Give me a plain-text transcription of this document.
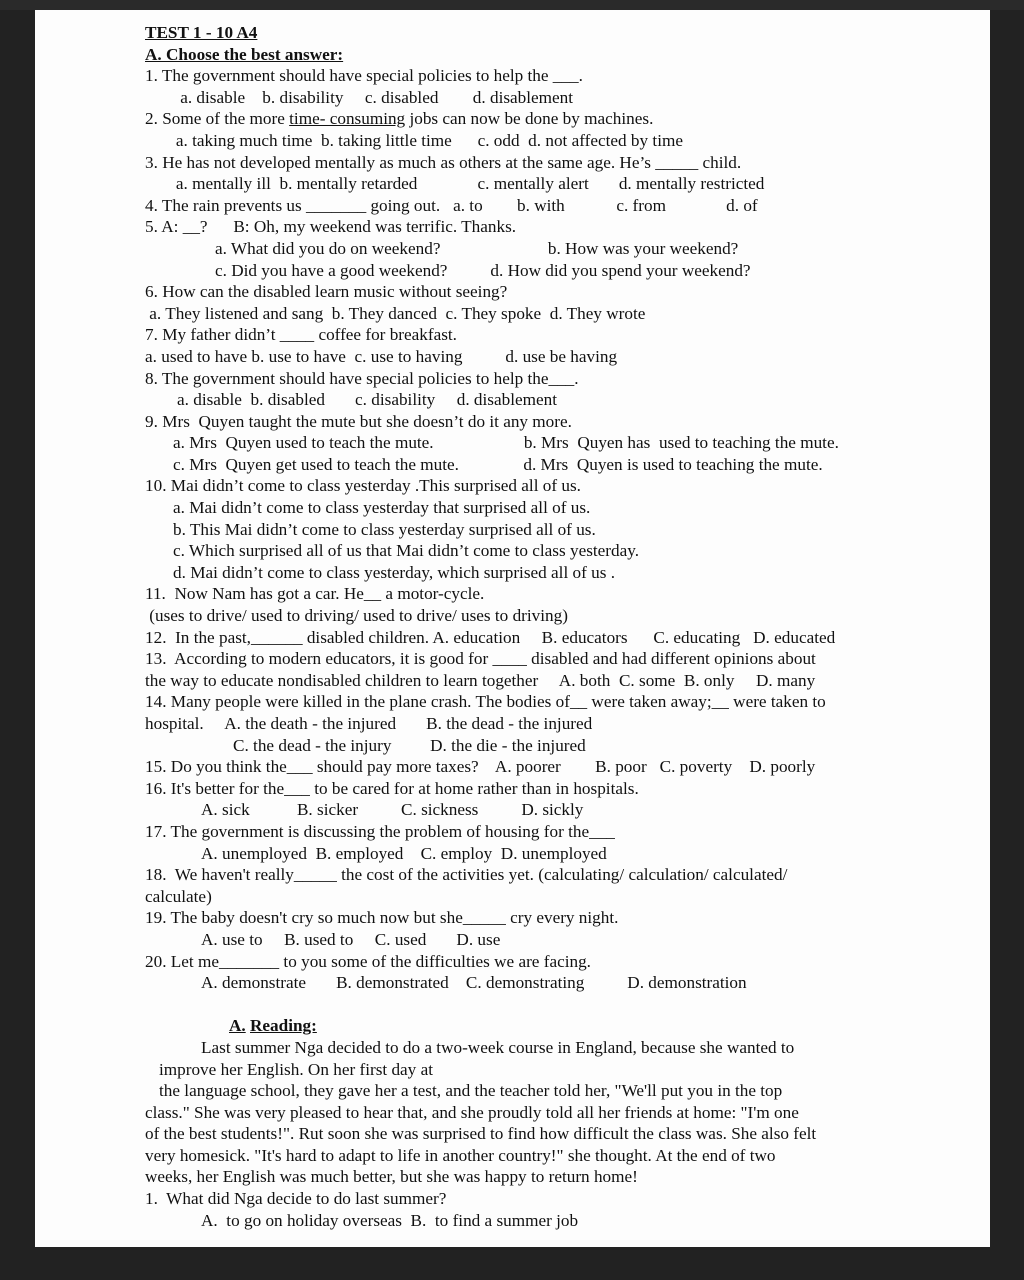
TEST 1 - 10 A4
A. Choose the best answer:
1. The government should have special policies to help the ___.
a. disable    b. disability     c. disabled        d. disablement
2. Some of the more time- consuming jobs can now be done by machines.
a. taking much time  b. taking little time      c. odd  d. not affected by time
3. He has not developed mentally as much as others at the same age. He’s _____ child.
a. mentally ill  b. mentally retarded              c. mentally alert       d. mentally restricted
4. The rain prevents us _______ going out.   a. to        b. with            c. from              d. of
5. A: __?      B: Oh, my weekend was terrific. Thanks.
a. What did you do on weekend?                         b. How was your weekend?
c. Did you have a good weekend?          d. How did you spend your weekend?
6. How can the disabled learn music without seeing?
a. They listened and sang  b. They danced  c. They spoke  d. They wrote
7. My father didn’t ____ coffee for breakfast.
a. used to have b. use to have  c. use to having          d. use be having
8. The government should have special policies to help the___.
a. disable  b. disabled       c. disability     d. disablement
9. Mrs  Quyen taught the mute but she doesn’t do it any more.
a. Mrs  Quyen used to teach the mute.                     b. Mrs  Quyen has  used to teaching the mute.
c. Mrs  Quyen get used to teach the mute.               d. Mrs  Quyen is used to teaching the mute.
10. Mai didn’t come to class yesterday .This surprised all of us.
a. Mai didn’t come to class yesterday that surprised all of us.
b. This Mai didn’t come to class yesterday surprised all of us.
c. Which surprised all of us that Mai didn’t come to class yesterday.
d. Mai didn’t come to class yesterday, which surprised all of us .
11.  Now Nam has got a car. He__ a motor-cycle.
(uses to drive/ used to driving/ used to drive/ uses to driving)
12.  In the past,______ disabled children. A. education     B. educators      C. educating   D. educated
13.  According to modern educators, it is good for ____ disabled and had different opinions about
the way to educate nondisabled children to learn together     A. both  C. some  B. only     D. many
14. Many people were killed in the plane crash. The bodies of__ were taken away;__ were taken to
hospital.     A. the death - the injured       B. the dead - the injured
C. the dead - the injury         D. the die - the injured
15. Do you think the___ should pay more taxes?    A. poorer        B. poor   C. poverty    D. poorly
16. It's better for the___ to be cared for at home rather than in hospitals.
A. sick           B. sicker          C. sickness          D. sickly
17. The government is discussing the problem of housing for the___
A. unemployed  B. employed    C. employ  D. unemployed
18.  We haven't really_____ the cost of the activities yet. (calculating/ calculation/ calculated/
calculate)
19. The baby doesn't cry so much now but she_____ cry every night.
A. use to     B. used to     C. used       D. use
20. Let me_______ to you some of the difficulties we are facing.
A. demonstrate       B. demonstrated    C. demonstrating          D. demonstration
A. Reading:
Last summer Nga decided to do a two-week course in England, because she wanted to
improve her English. On her first day at
the language school, they gave her a test, and the teacher told her, "We'll put you in the top
class." She was very pleased to hear that, and she proudly told all her friends at home: "I'm one
of the best students!". Rut soon she was surprised to find how difficult the class was. She also felt
very homesick. "It's hard to adapt to life in another country!" she thought. At the end of two
weeks, her English was much better, but she was happy to return home!
1.  What did Nga decide to do last summer?
A.  to go on holiday overseas  B.  to find a summer job
